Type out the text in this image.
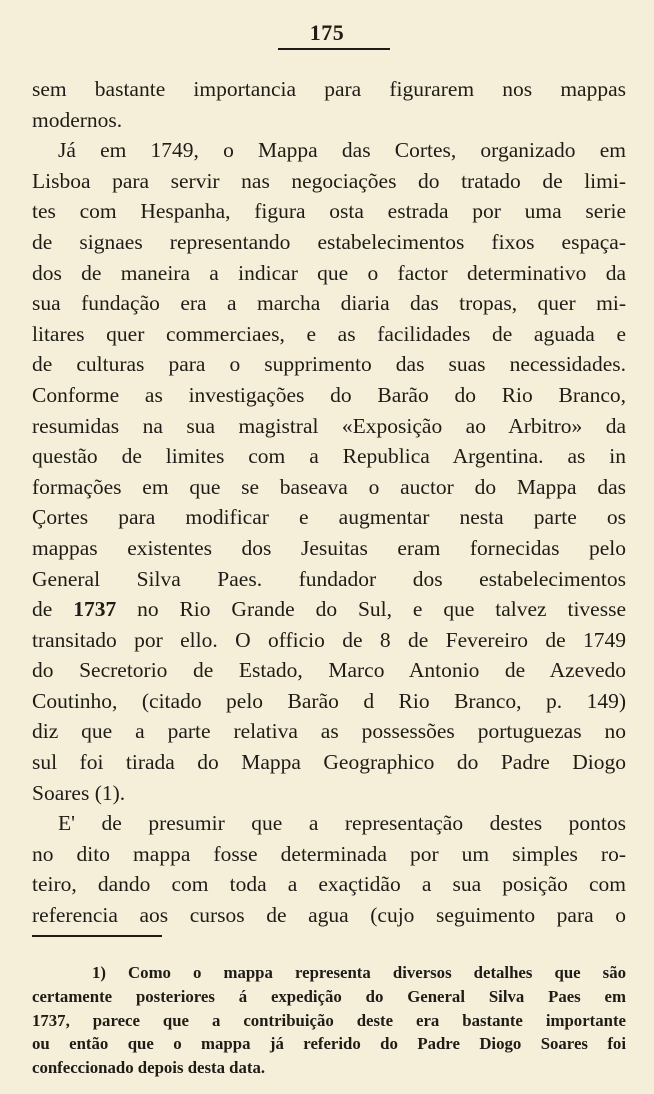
175
sem bastante importancia para figurarem nos mappas
modernos.
Já em 1749, o Mappa das Cortes, organizado em
Lisboa para servir nas negociações do tratado de limi-
tes com Hespanha, figura osta estrada por uma serie
de signaes representando estabelecimentos fixos espaça-
dos de maneira a indicar que o factor determinativo da
sua fundação era a marcha diaria das tropas, quer mi-
litares quer commerciaes, e as facilidades de aguada e
de culturas para o supprimento das suas necessidades.
Conforme as investigações do Barão do Rio Branco,
resumidas na sua magistral «Exposição ao Arbitro» da
questão de limites com a Republica Argentina. as in
formações em que se baseava o auctor do Mappa das
Çortes para modificar e augmentar nesta parte os
mappas existentes dos Jesuitas eram fornecidas pelo
General Silva Paes. fundador dos estabelecimentos
de 1737 no Rio Grande do Sul, e que talvez tivesse
transitado por ello. O officio de 8 de Fevereiro de 1749
do Secretorio de Estado, Marco Antonio de Azevedo
Coutinho, (citado pelo Barão d Rio Branco, p. 149)
diz que a parte relativa as possessões portuguezas no
sul foi tirada do Mappa Geographico do Padre Diogo
Soares (1).
E' de presumir que a representação destes pontos
no dito mappa fosse determinada por um simples ro-
teiro, dando com toda a exaçtidão a sua posição com
referencia aos cursos de agua (cujo seguimento para o
1) Como o mappa representa diversos detalhes que são
certamente posteriores á expedição do General Silva Paes em
1737, parece que a contribuição deste era bastante importante
ou então que o mappa já referido do Padre Diogo Soares foi
confeccionado depois desta data.
